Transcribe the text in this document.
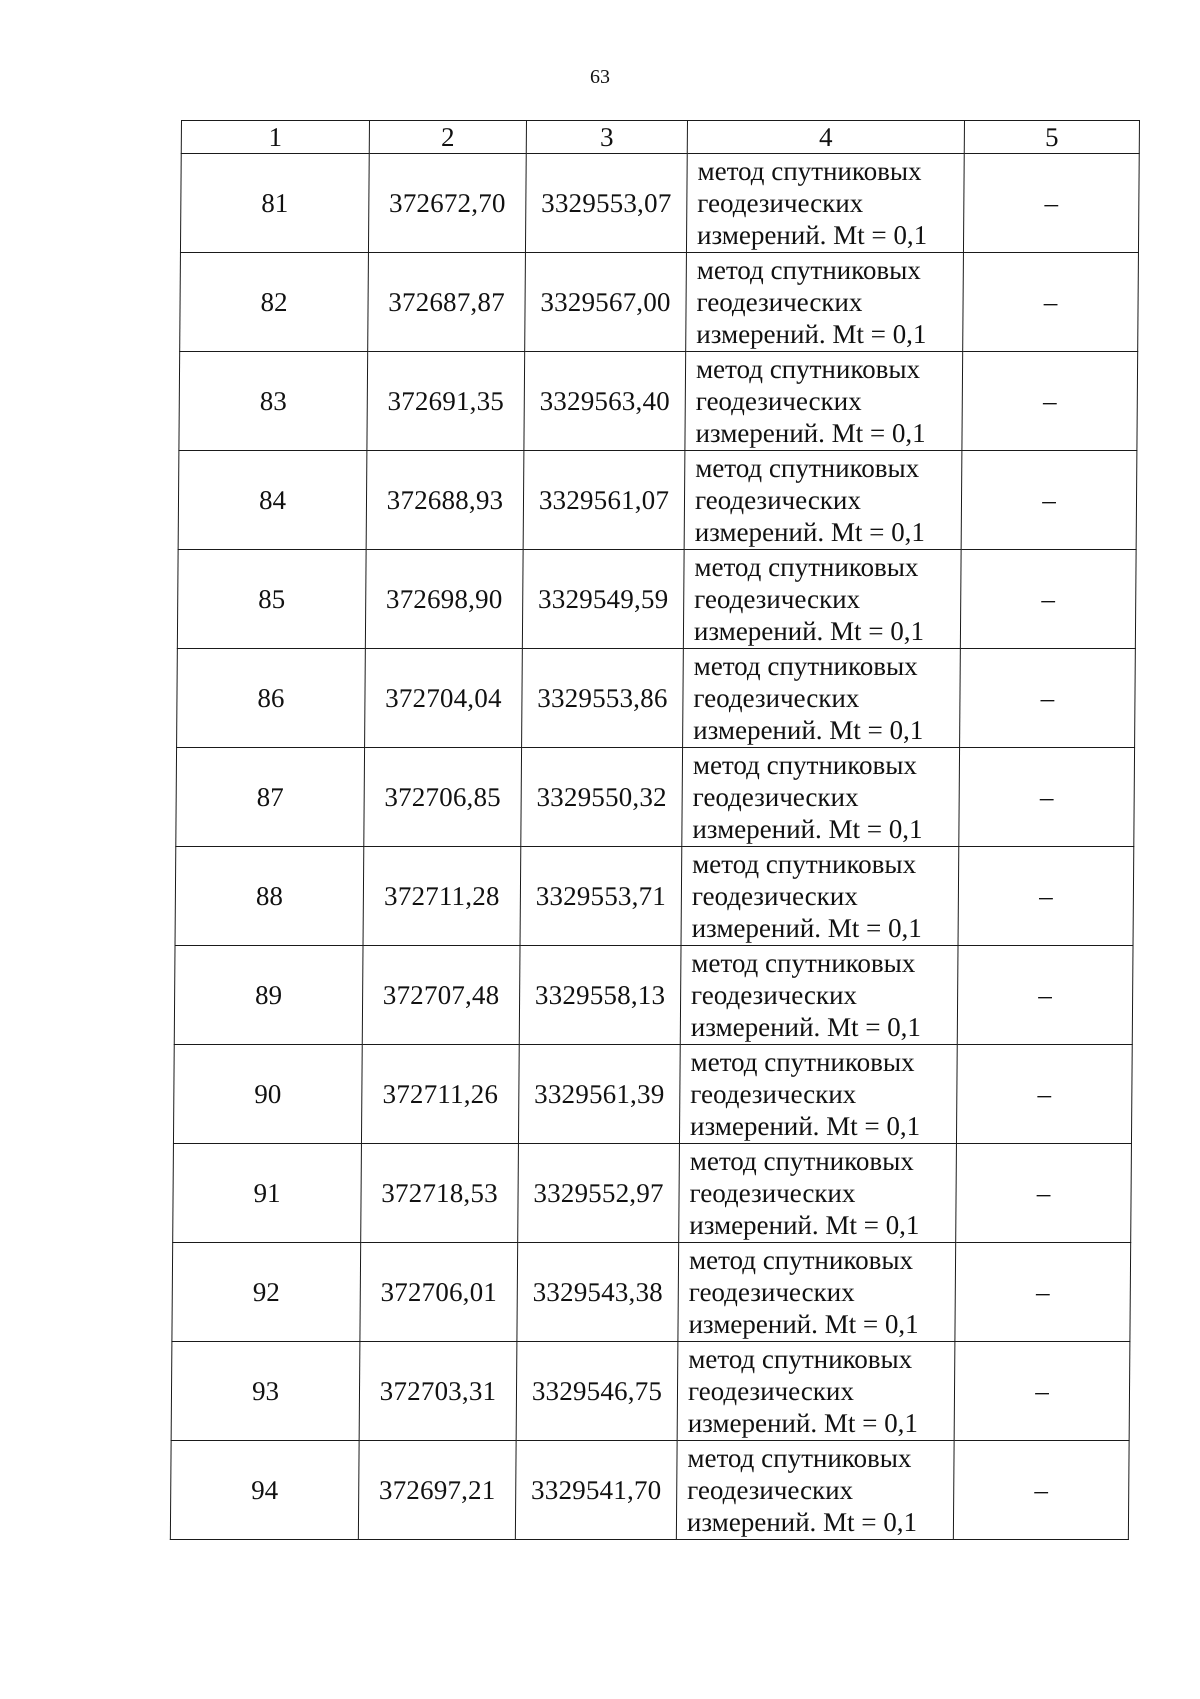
63
1	2	3	4	5
81	372672,70	3329553,07	метод спутниковых
геодезических
измерений. Mt = 0,1	–
82	372687,87	3329567,00	метод спутниковых
геодезических
измерений. Mt = 0,1	–
83	372691,35	3329563,40	метод спутниковых
геодезических
измерений. Mt = 0,1	–
84	372688,93	3329561,07	метод спутниковых
геодезических
измерений. Mt = 0,1	–
85	372698,90	3329549,59	метод спутниковых
геодезических
измерений. Mt = 0,1	–
86	372704,04	3329553,86	метод спутниковых
геодезических
измерений. Mt = 0,1	–
87	372706,85	3329550,32	метод спутниковых
геодезических
измерений. Mt = 0,1	–
88	372711,28	3329553,71	метод спутниковых
геодезических
измерений. Mt = 0,1	–
89	372707,48	3329558,13	метод спутниковых
геодезических
измерений. Mt = 0,1	–
90	372711,26	3329561,39	метод спутниковых
геодезических
измерений. Mt = 0,1	–
91	372718,53	3329552,97	метод спутниковых
геодезических
измерений. Mt = 0,1	–
92	372706,01	3329543,38	метод спутниковых
геодезических
измерений. Mt = 0,1	–
93	372703,31	3329546,75	метод спутниковых
геодезических
измерений. Mt = 0,1	–
94	372697,21	3329541,70	метод спутниковых
геодезических
измерений. Mt = 0,1	–
